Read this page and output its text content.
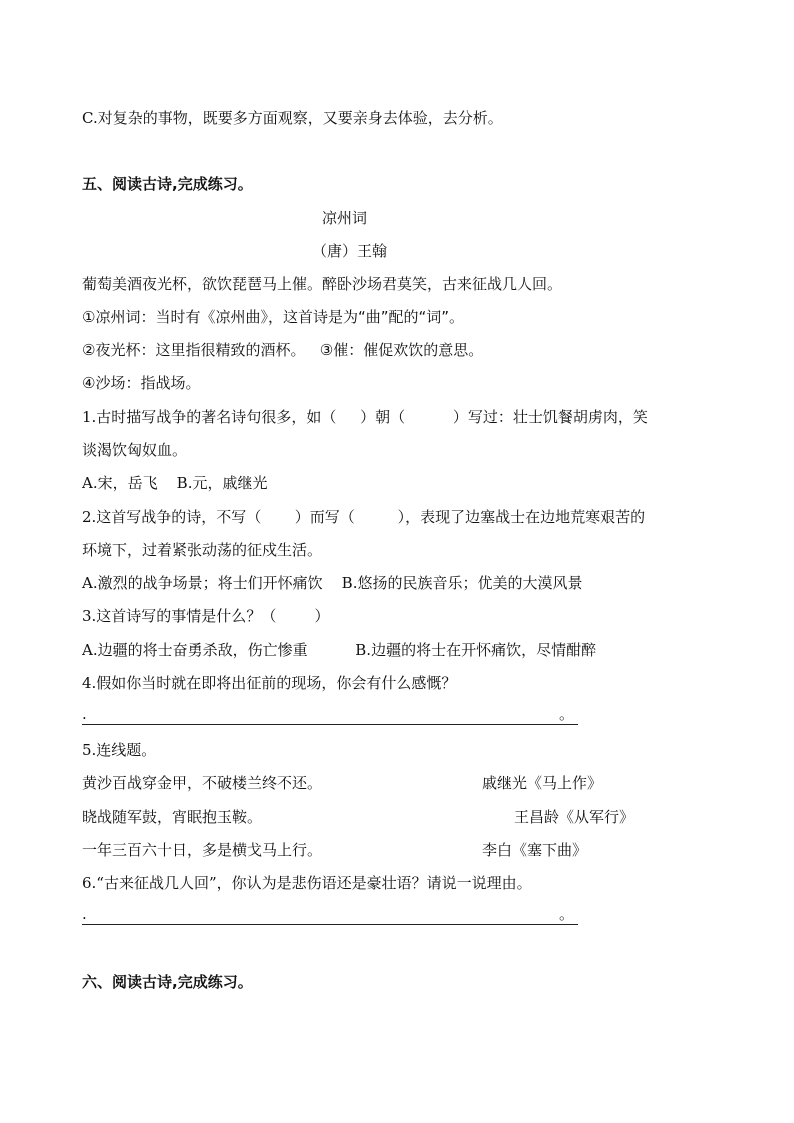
C.对复杂的事物，既要多方面观察，又要亲身去体验，去分析。
五、阅读古诗,完成练习。
凉州词
（唐）王翰
葡萄美酒夜光杯，欲饮琵琶马上催。醉卧沙场君莫笑，古来征战几人回。
①凉州词：当时有《凉州曲》，这首诗是为“曲”配的“词”。
②夜光杯：这里指很精致的酒杯。   ③催：催促欢饮的意思。
④沙场：指战场。
1.古时描写战争的著名诗句很多，如（     ）朝（          ）写过：壮士饥餐胡虏肉，笑
谈渴饮匈奴血。
A.宋，岳飞    B.元，戚继光
2.这首写战争的诗，不写（       ）而写（         ），表现了边塞战士在边地荒寒艰苦的
环境下，过着紧张动荡的征戍生活。
A.激烈的战争场景；将士们开怀痛饮    B.悠扬的民族音乐；优美的大漠风景
3.这首诗写的事情是什么？（        ）
A.边疆的将士奋勇杀敌，伤亡惨重          B.边疆的将士在开怀痛饮，尽情酣醉
4.假如你当时就在即将出征前的现场，你会有什么感慨？
.	。
5.连线题。
黄沙百战穿金甲，不破楼兰终不还。	戚继光《马上作》
晓战随军鼓，宵眠抱玉鞍。	王昌龄《从军行》
一年三百六十日，多是横戈马上行。	李白《塞下曲》
6.“古来征战几人回”，你认为是悲伤语还是豪壮语？请说一说理由。
.	。
六、阅读古诗,完成练习。
